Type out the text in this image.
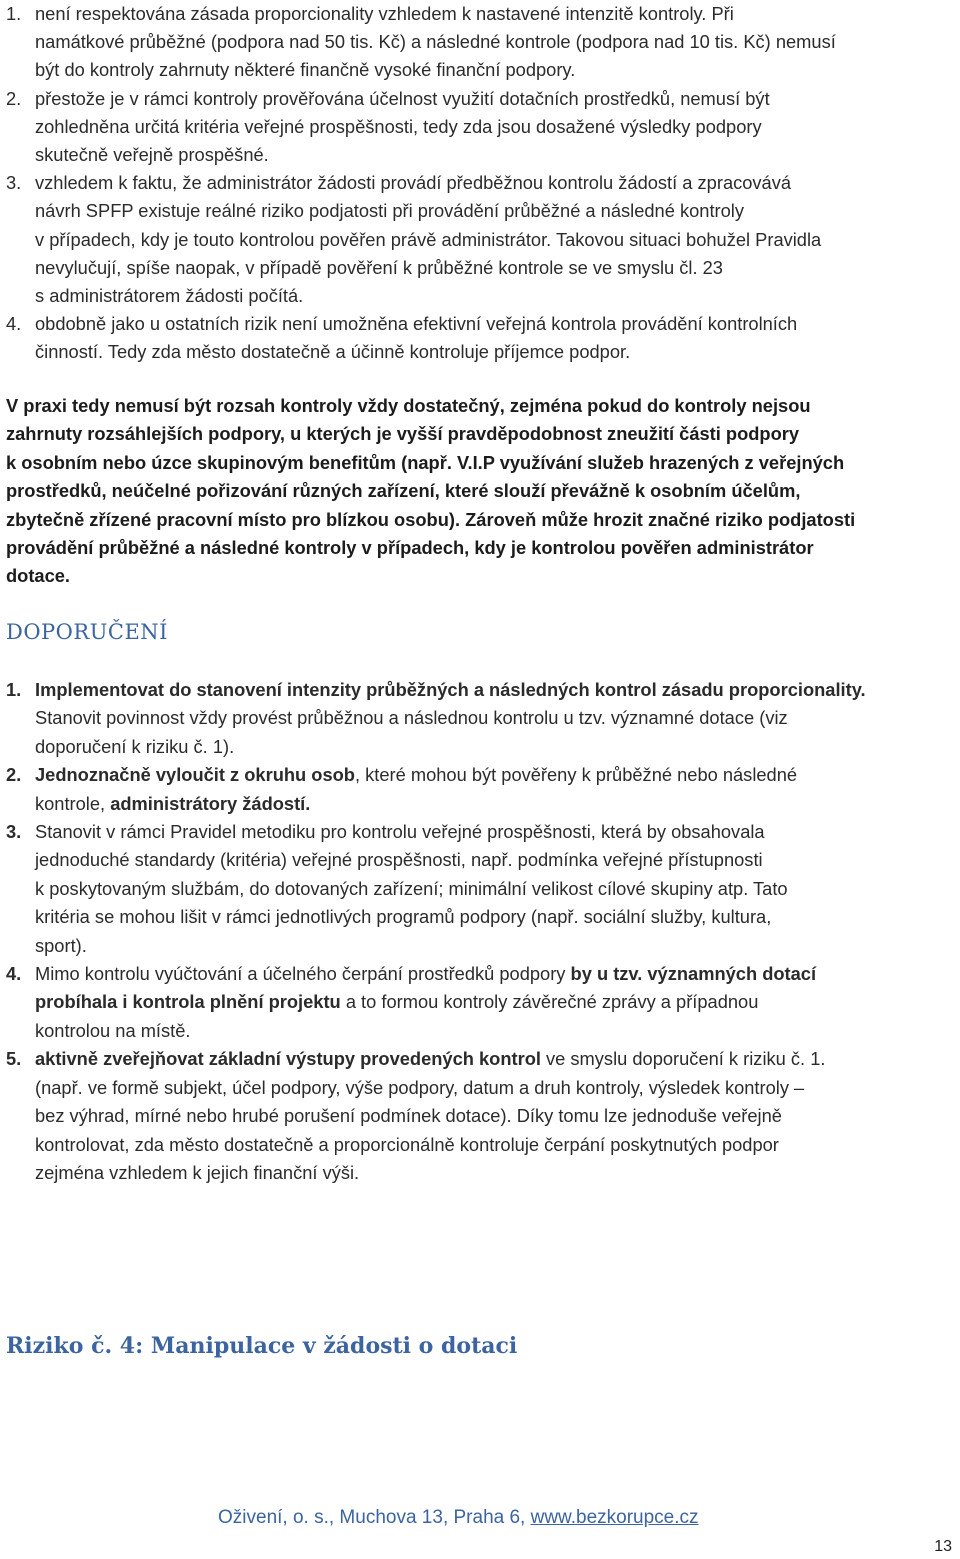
1. není respektována zásada proporcionality vzhledem k nastavené intenzitě kontroly. Při
namátkové průběžné (podpora nad 50 tis. Kč) a následné kontrole (podpora nad 10 tis. Kč) nemusí
být do kontroly zahrnuty některé finančně vysoké finanční podpory.
2. přestože je v rámci kontroly prověřována účelnost využití dotačních prostředků, nemusí být
zohledněna určitá kritéria veřejné prospěšnosti, tedy zda jsou dosažené výsledky podpory
skutečně veřejně prospěšné.
3. vzhledem k faktu, že administrátor žádosti provádí předběžnou kontrolu žádostí a zpracovává
návrh SPFP existuje reálné riziko podjatosti při provádění průběžné a následné kontroly
v případech, kdy je touto kontrolou pověřen právě administrátor. Takovou situaci bohužel Pravidla
nevylučují, spíše naopak, v případě pověření k průběžné kontrole se ve smyslu čl. 23
s administrátorem žádosti počítá.
4. obdobně jako u ostatních rizik není umožněna efektivní veřejná kontrola provádění kontrolních
činností. Tedy zda město dostatečně a účinně kontroluje příjemce podpor.

V praxi tedy nemusí být rozsah kontroly vždy dostatečný, zejména pokud do kontroly nejsou
zahrnuty rozsáhlejších podpory, u kterých je vyšší pravděpodobnost zneužití části podpory
k osobním nebo úzce skupinovým benefitům (např. V.I.P využívání služeb hrazených z veřejných
prostředků, neúčelné pořizování různých zařízení, které slouží převážně k osobním účelům,
zbytečně zřízené pracovní místo pro blízkou osobu). Zároveň může hrozit značné riziko podjatosti
provádění průběžné a následné kontroly v případech, kdy je kontrolou pověřen administrátor
dotace.

DOPORUČENÍ
1. Implementovat do stanovení intenzity průběžných a následných kontrol zásadu proporcionality.
Stanovit povinnost vždy provést průběžnou a následnou kontrolu u tzv. významné dotace (viz
doporučení k riziku č. 1).
2. Jednoznačně vyloučit z okruhu osob, které mohou být pověřeny k průběžné nebo následné
kontrole, administrátory žádostí.
3. Stanovit v rámci Pravidel metodiku pro kontrolu veřejné prospěšnosti, která by obsahovala
jednoduché standardy (kritéria) veřejné prospěšnosti, např. podmínka veřejné přístupnosti
k poskytovaným službám, do dotovaných zařízení; minimální velikost cílové skupiny atp. Tato
kritéria se mohou lišit v rámci jednotlivých programů podpory (např. sociální služby, kultura,
sport).
4. Mimo kontrolu vyúčtování a účelného čerpání prostředků podpory by u tzv. významných dotací
probíhala i kontrola plnění projektu a to formou kontroly závěrečné zprávy a případnou
kontrolou na místě.
5. aktivně zveřejňovat základní výstupy provedených kontrol ve smyslu doporučení k riziku č. 1.
(např. ve formě subjekt, účel podpory, výše podpory, datum a druh kontroly, výsledek kontroly –
bez výhrad, mírné nebo hrubé porušení podmínek dotace). Díky tomu lze jednoduše veřejně
kontrolovat, zda město dostatečně a proporcionálně kontroluje čerpání poskytnutých podpor
zejména vzhledem k jejich finanční výši.
Riziko č. 4: Manipulace v žádosti o dotaci
Oživení, o. s., Muchova 13, Praha 6, www.bezkorupce.cz
13
